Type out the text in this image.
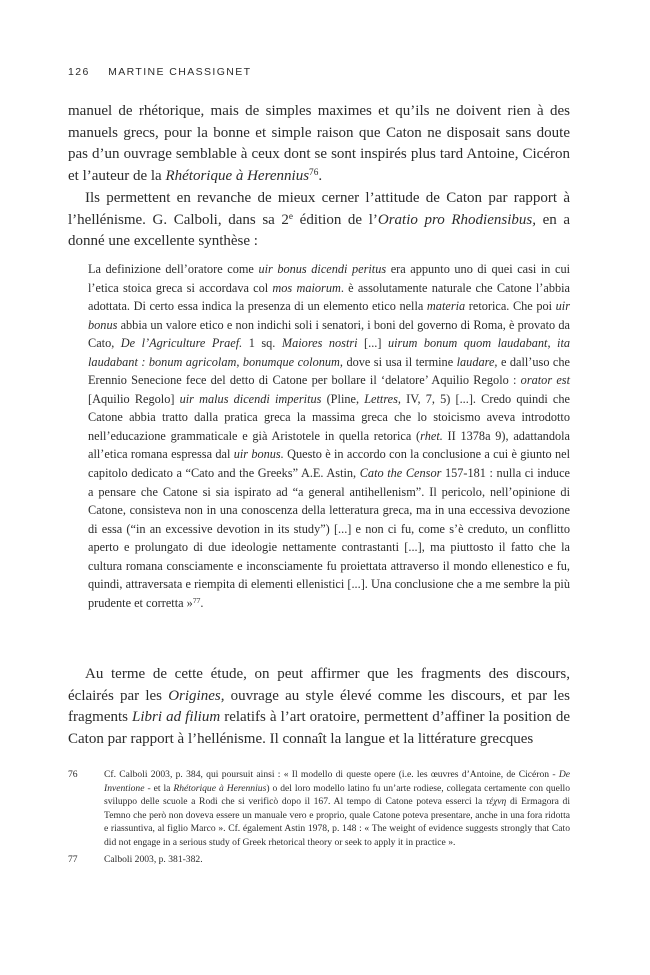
126 MARTINE CHASSIGNET

manuel de rhétorique, mais de simples maximes et qu’ils ne doivent rien à des manuels grecs, pour la bonne et simple raison que Caton ne disposait sans doute pas d’un ouvrage semblable à ceux dont se sont inspirés plus tard Antoine, Cicéron et l’auteur de la Rhétorique à Herennius$^{76}$.

Ils permettent en revanche de mieux cerner l’attitude de Caton par rapport à l’hellénisme. G. Calboli, dans sa 2e édition de l’Oratio pro Rhodiensibus, en a donné une excellente synthèse :

La definizione dell’oratore come uir bonus dicendi peritus era appunto uno di quei casi in cui l’etica stoica greca si accordava col mos maiorum. è assolutamente naturale che Catone l’abbia adottata. Di certo essa indica la presenza di un elemento etico nella materia retorica. Che poi uir bonus abbia un valore etico e non indichi soli i senatori, i boni del governo di Roma, è provato da Cato, De l’Agriculture Praef. 1 sq. Maiores nostri [...] uirum bonum quom laudabant, ita laudabant : bonum agricolam, bonumque colonum, dove si usa il termine laudare, e dall’uso che Erennio Senecione fece del detto di Catone per bollare il ‘delatore’ Aquilio Regolo : orator est [Aquilio Regolo] uir malus dicendi imperitus (Pline, Lettres, IV, 7, 5) [...]. Credo quindi che Catone abbia tratto dalla pratica greca la massima greca che lo stoicismo aveva introdotto nell’educazione grammaticale e già Aristotele in quella retorica (rhet. II 1378a 9), adattandola all’etica romana espressa dal uir bonus. Questo è in accordo con la conclusione a cui è giunto nel capitolo dedicato a “Cato and the Greeks” A.E. Astin, Cato the Censor 157-181 : nulla ci induce a pensare che Catone si sia ispirato ad “a general antihellenism”. Il pericolo, nell’opinione di Catone, consisteva non in una conoscenza della letteratura greca, ma in una eccessiva devozione di essa (“in an excessive devotion in its study”) [...] e non ci fu, come s’è creduto, un conflitto aperto e prolungato di due ideologie nettamente contrastanti [...], ma piuttosto il fatto che la cultura romana consciamente e inconsciamente fu proiettata attraverso il mondo ellenestico e fu, quindi, attraversata e riempita di elementi ellenistici [...]. Una conclusione che a me sembre la più prudente et corretta »$^{77}$.

Au terme de cette étude, on peut affirmer que les fragments des discours, éclairés par les Origines, ouvrage au style élevé comme les discours, et par les fragments Libri ad filium relatifs à l’art oratoire, permettent d’affiner la position de Caton par rapport à l’hellénisme. Il connaît la langue et la littérature grecques

76	Cf. Calboli 2003, p. 384, qui poursuit ainsi : « Il modello di queste opere (i.e. les œuvres d’Antoine, de Cicéron - De Inventione - et la Rhétorique à Herennius) o del loro modello latino fu un’arte rodiese, collegata certamente con quello sviluppo delle scuole a Rodi che si verificò dopo il 167. Al tempo di Catone poteva esserci la τέχνη di Ermagora di Temno che però non doveva essere un manuale vero e proprio, quale Catone poteva presentare, anche in una fora ridotta e riassuntiva, al figlio Marco ». Cf. également Astin 1978, p. 148 : « The weight of evidence suggests strongly that Cato did not engage in a serious study of Greek rhetorical theory or seek to apply it in practice ».
77	Calboli 2003, p. 381-382.
